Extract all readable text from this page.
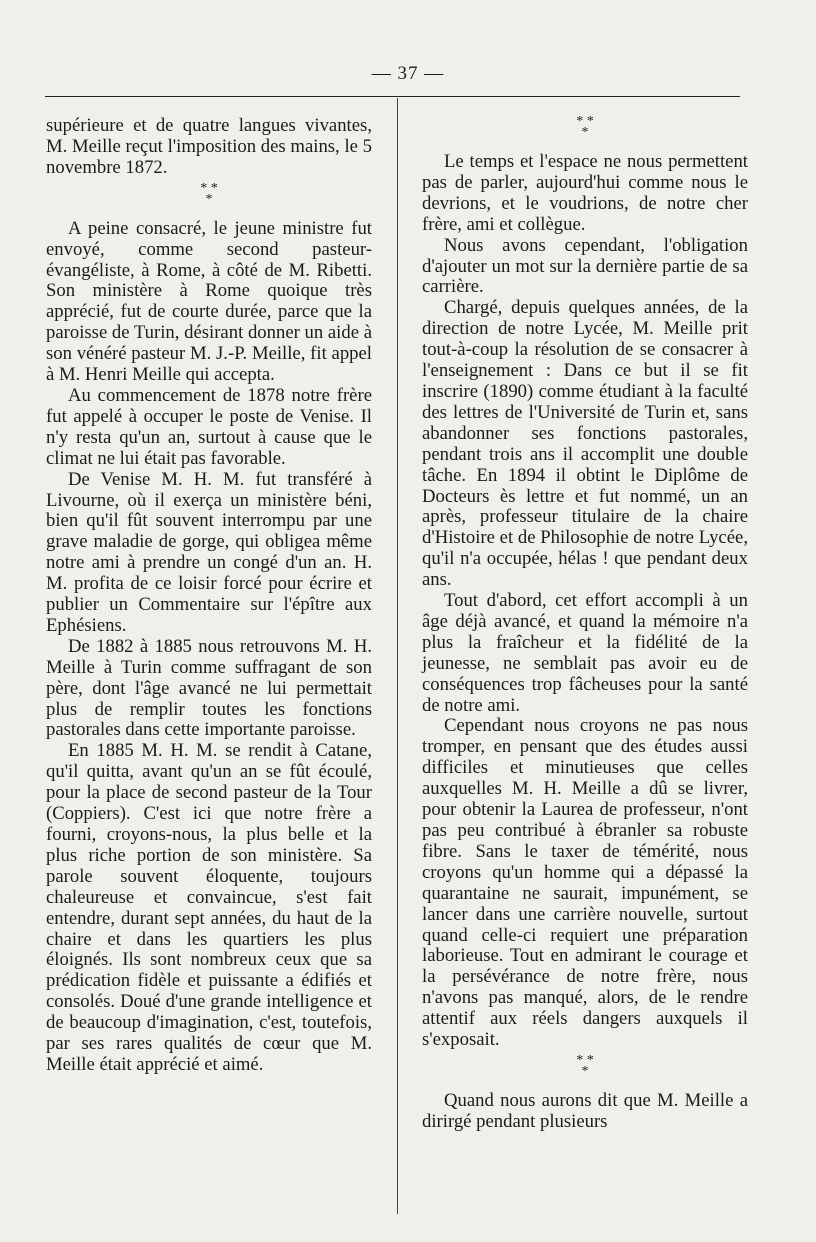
— 37 —

supérieure et de quatre langues vivantes, M. Meille reçut l'imposition des mains, le 5 novembre 1872.

* *
*

A peine consacré, le jeune ministre fut envoyé, comme second pasteur-évangéliste, à Rome, à côté de M. Ribetti. Son ministère à Rome quoique très apprécié, fut de courte durée, parce que la paroisse de Turin, désirant donner un aide à son vénéré pasteur M. J.-P. Meille, fit appel à M. Henri Meille qui accepta.

Au commencement de 1878 notre frère fut appelé à occuper le poste de Venise. Il n'y resta qu'un an, surtout à cause que le climat ne lui était pas favorable.

De Venise M. H. M. fut transféré à Livourne, où il exerça un ministère béni, bien qu'il fût souvent interrompu par une grave maladie de gorge, qui obligea même notre ami à prendre un congé d'un an. H. M. profita de ce loisir forcé pour écrire et publier un Commentaire sur l'épître aux Ephésiens.

De 1882 à 1885 nous retrouvons M. H. Meille à Turin comme suffragant de son père, dont l'âge avancé ne lui permettait plus de remplir toutes les fonctions pastorales dans cette importante paroisse.

En 1885 M. H. M. se rendit à Catane, qu'il quitta, avant qu'un an se fût écoulé, pour la place de second pasteur de la Tour (Coppiers). C'est ici que notre frère a fourni, croyons-nous, la plus belle et la plus riche portion de son ministère. Sa parole souvent éloquente, toujours chaleureuse et convaincue, s'est fait entendre, durant sept années, du haut de la chaire et dans les quartiers les plus éloignés. Ils sont nombreux ceux que sa prédication fidèle et puissante a édifiés et consolés. Doué d'une grande intelligence et de beaucoup d'imagination, c'est, toutefois, par ses rares qualités de cœur que M. Meille était apprécié et aimé.

* *
*

Le temps et l'espace ne nous permettent pas de parler, aujourd'hui comme nous le devrions, et le voudrions, de notre cher frère, ami et collègue.

Nous avons cependant, l'obligation d'ajouter un mot sur la dernière partie de sa carrière.

Chargé, depuis quelques années, de la direction de notre Lycée, M. Meille prit tout-à-coup la résolution de se consacrer à l'enseignement : Dans ce but il se fit inscrire (1890) comme étudiant à la faculté des lettres de l'Université de Turin et, sans abandonner ses fonctions pastorales, pendant trois ans il accomplit une double tâche. En 1894 il obtint le Diplôme de Docteurs ès lettre et fut nommé, un an après, professeur titulaire de la chaire d'Histoire et de Philosophie de notre Lycée, qu'il n'a occupée, hélas ! que pendant deux ans.

Tout d'abord, cet effort accompli à un âge déjà avancé, et quand la mémoire n'a plus la fraîcheur et la fidélité de la jeunesse, ne semblait pas avoir eu de conséquences trop fâcheuses pour la santé de notre ami.

Cependant nous croyons ne pas nous tromper, en pensant que des études aussi difficiles et minutieuses que celles auxquelles M. H. Meille a dû se livrer, pour obtenir la Laurea de professeur, n'ont pas peu contribué à ébranler sa robuste fibre. Sans le taxer de témérité, nous croyons qu'un homme qui a dépassé la quarantaine ne saurait, impunément, se lancer dans une carrière nouvelle, surtout quand celle-ci requiert une préparation laborieuse. Tout en admirant le courage et la persévérance de notre frère, nous n'avons pas manqué, alors, de le rendre attentif aux réels dangers auxquels il s'exposait.

* *
*

Quand nous aurons dit que M. Meille a dirirgé pendant plusieurs
